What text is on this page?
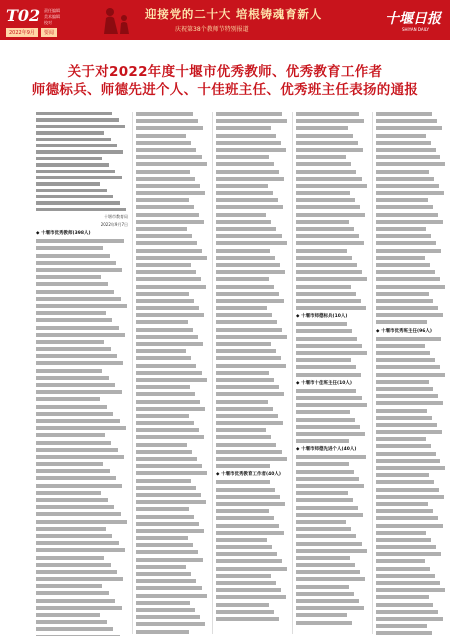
T02 责任编辑
美术编辑
校对
2022年9月	要闻
迎接党的二十大 培根铸魂育新人
庆祝第38个教师节特别报道
十堰日报
SHIYAN DAILY
关于对2022年度十堰市优秀教师、优秀教育工作者
师德标兵、师德先进个人、十佳班主任、优秀班主任表扬的通报
十堰市教育局
2022年9月7日
◆ 十堰市优秀教师(398人)
◆ 十堰市优秀教育工作者(40人)
◆ 十堰市师德标兵(10人)
◆ 十堰市十佳班主任(10人)
◆ 十堰市师德先进个人(40人)
◆ 十堰市优秀班主任(96人)
